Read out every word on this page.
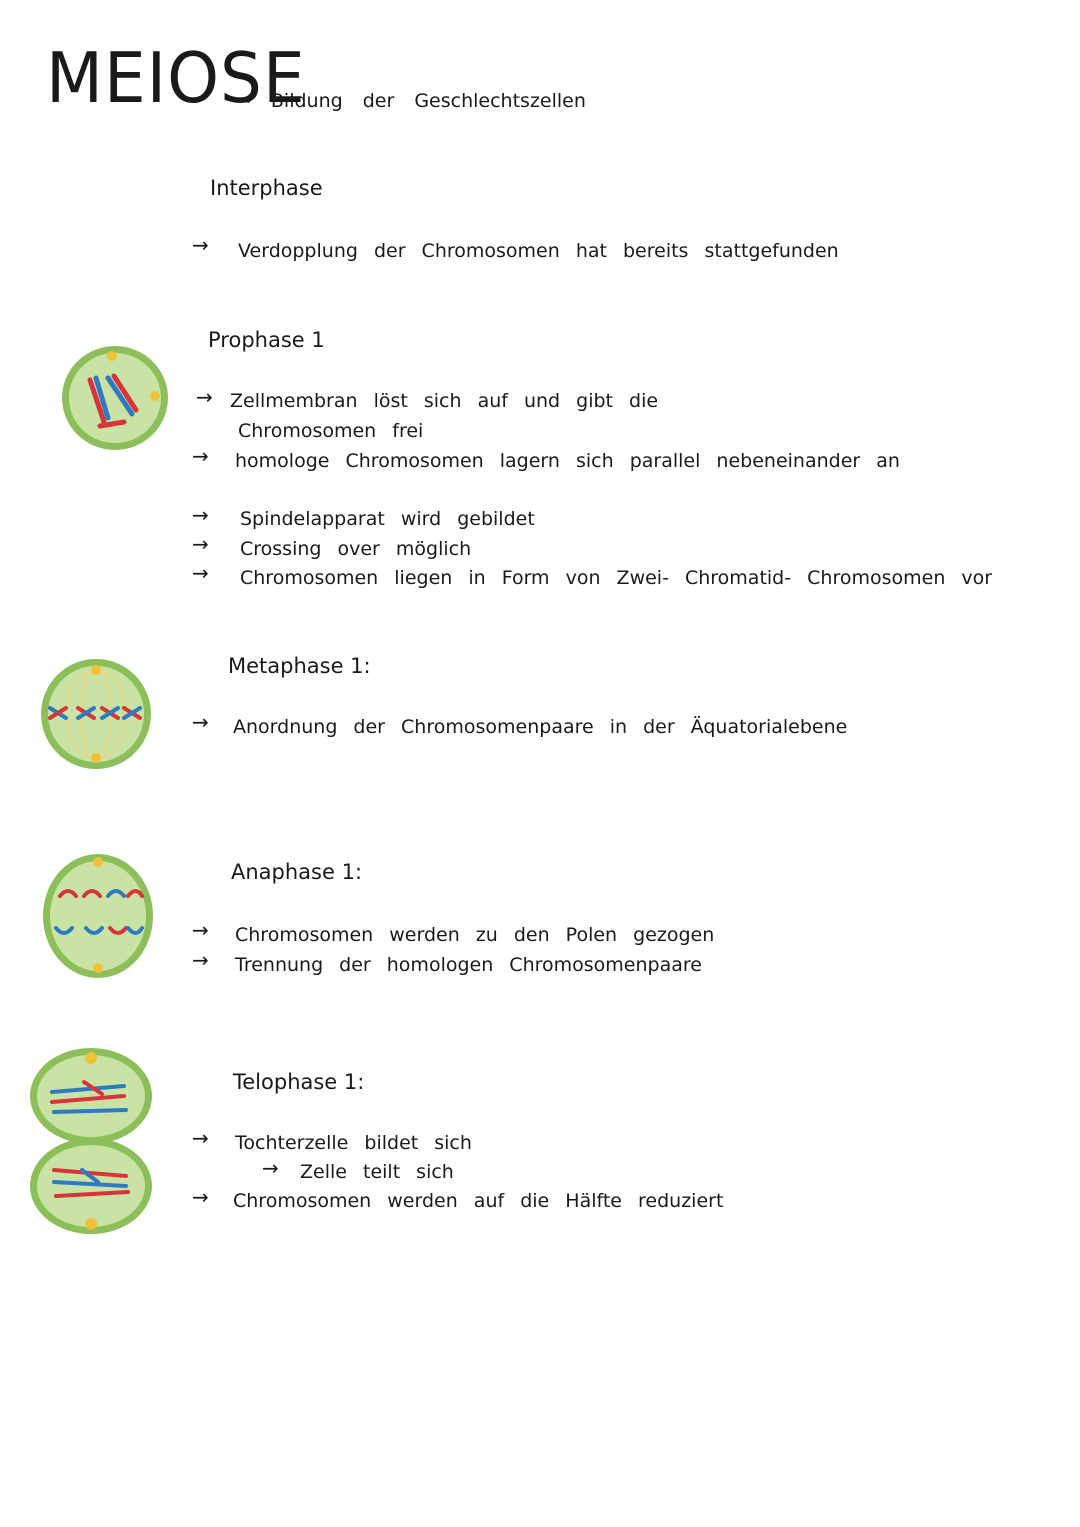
MEIOSE
- Bildung der Geschlechtszellen
Interphase
→ Verdopplung der Chromosomen hat bereits stattgefunden
Prophase 1
→ Zellmembran löst sich auf und gibt die
Chromosomen frei
→ homologe Chromosomen lagern sich parallel nebeneinander an
→ Spindelapparat wird gebildet
→ Crossing over möglich
→ Chromosomen liegen in Form von Zwei- Chromatid- Chromosomen vor
Metaphase 1:
→ Anordnung der Chromosomenpaare in der Äquatorialebene
Anaphase 1:
→ Chromosomen werden zu den Polen gezogen
→ Trennung der homologen Chromosomenpaare
Telophase 1:
→ Tochterzelle bildet sich
→ Zelle teilt sich
→ Chromosomen werden auf die Hälfte reduziert
